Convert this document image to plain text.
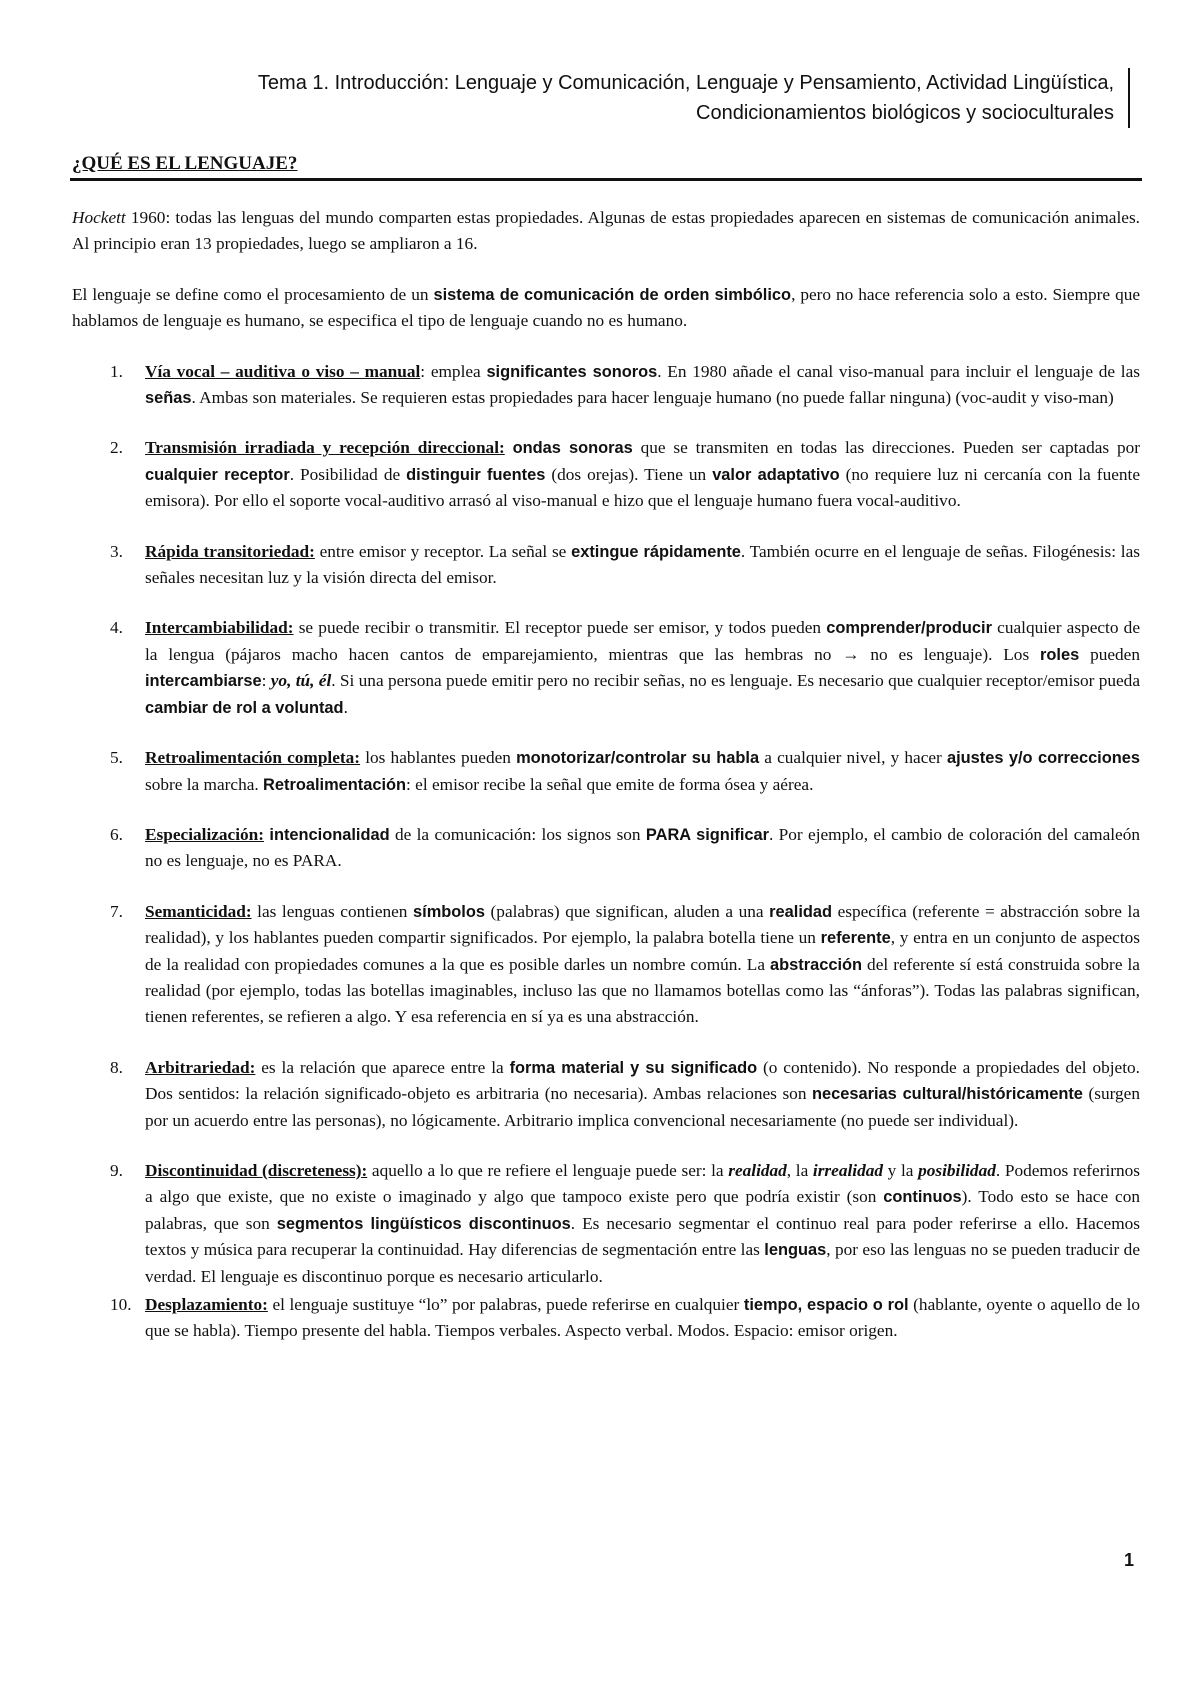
Tema 1. Introducción: Lenguaje y Comunicación, Lenguaje y Pensamiento, Actividad Lingüística,
Condicionamientos biológicos y socioculturales
¿QUÉ ES EL LENGUAJE?

Hockett 1960: todas las lenguas del mundo comparten estas propiedades. Algunas de estas propiedades aparecen en sistemas de comunicación animales. Al principio eran 13 propiedades, luego se ampliaron a 16.

El lenguaje se define como el procesamiento de un sistema de comunicación de orden simbólico, pero no hace referencia solo a esto. Siempre que hablamos de lenguaje es humano, se especifica el tipo de lenguaje cuando no es humano.

1. Vía vocal – auditiva o viso – manual: emplea significantes sonoros. En 1980 añade el canal viso-manual para incluir el lenguaje de las señas. Ambas son materiales. Se requieren estas propiedades para hacer lenguaje humano (no puede fallar ninguna) (voc-audit y viso-man)
2. Transmisión irradiada y recepción direccional: ondas sonoras que se transmiten en todas las direcciones. Pueden ser captadas por cualquier receptor. Posibilidad de distinguir fuentes (dos orejas). Tiene un valor adaptativo (no requiere luz ni cercanía con la fuente emisora). Por ello el soporte vocal-auditivo arrasó al viso-manual e hizo que el lenguaje humano fuera vocal-auditivo.
3. Rápida transitoriedad: entre emisor y receptor. La señal se extingue rápidamente. También ocurre en el lenguaje de señas. Filogénesis: las señales necesitan luz y la visión directa del emisor.
4. Intercambiabilidad: se puede recibir o transmitir. El receptor puede ser emisor, y todos pueden comprender/producir cualquier aspecto de la lengua (pájaros macho hacen cantos de emparejamiento, mientras que las hembras no → no es lenguaje). Los roles pueden intercambiarse: yo, tú, él. Si una persona puede emitir pero no recibir señas, no es lenguaje. Es necesario que cualquier receptor/emisor pueda cambiar de rol a voluntad.
5. Retroalimentación completa: los hablantes pueden monotorizar/controlar su habla a cualquier nivel, y hacer ajustes y/o correcciones sobre la marcha. Retroalimentación: el emisor recibe la señal que emite de forma ósea y aérea.
6. Especialización: intencionalidad de la comunicación: los signos son PARA significar. Por ejemplo, el cambio de coloración del camaleón no es lenguaje, no es PARA.
7. Semanticidad: las lenguas contienen símbolos (palabras) que significan, aluden a una realidad específica (referente = abstracción sobre la realidad), y los hablantes pueden compartir significados. Por ejemplo, la palabra botella tiene un referente, y entra en un conjunto de aspectos de la realidad con propiedades comunes a la que es posible darles un nombre común. La abstracción del referente sí está construida sobre la realidad (por ejemplo, todas las botellas imaginables, incluso las que no llamamos botellas como las “ánforas”). Todas las palabras significan, tienen referentes, se refieren a algo. Y esa referencia en sí ya es una abstracción.
8. Arbitrariedad: es la relación que aparece entre la forma material y su significado (o contenido). No responde a propiedades del objeto. Dos sentidos: la relación significado-objeto es arbitraria (no necesaria). Ambas relaciones son necesarias cultural/históricamente (surgen por un acuerdo entre las personas), no lógicamente. Arbitrario implica convencional necesariamente (no puede ser individual).
9. Discontinuidad (discreteness): aquello a lo que re refiere el lenguaje puede ser: la realidad, la irrealidad y la posibilidad. Podemos referirnos a algo que existe, que no existe o imaginado y algo que tampoco existe pero que podría existir (son continuos). Todo esto se hace con palabras, que son segmentos lingüísticos discontinuos. Es necesario segmentar el continuo real para poder referirse a ello. Hacemos textos y música para recuperar la continuidad. Hay diferencias de segmentación entre las lenguas, por eso las lenguas no se pueden traducir de verdad. El lenguaje es discontinuo porque es necesario articularlo.
10. Desplazamiento: el lenguaje sustituye “lo” por palabras, puede referirse en cualquier tiempo, espacio o rol (hablante, oyente o aquello de lo que se habla). Tiempo presente del habla. Tiempos verbales. Aspecto verbal. Modos. Espacio: emisor origen.
1
